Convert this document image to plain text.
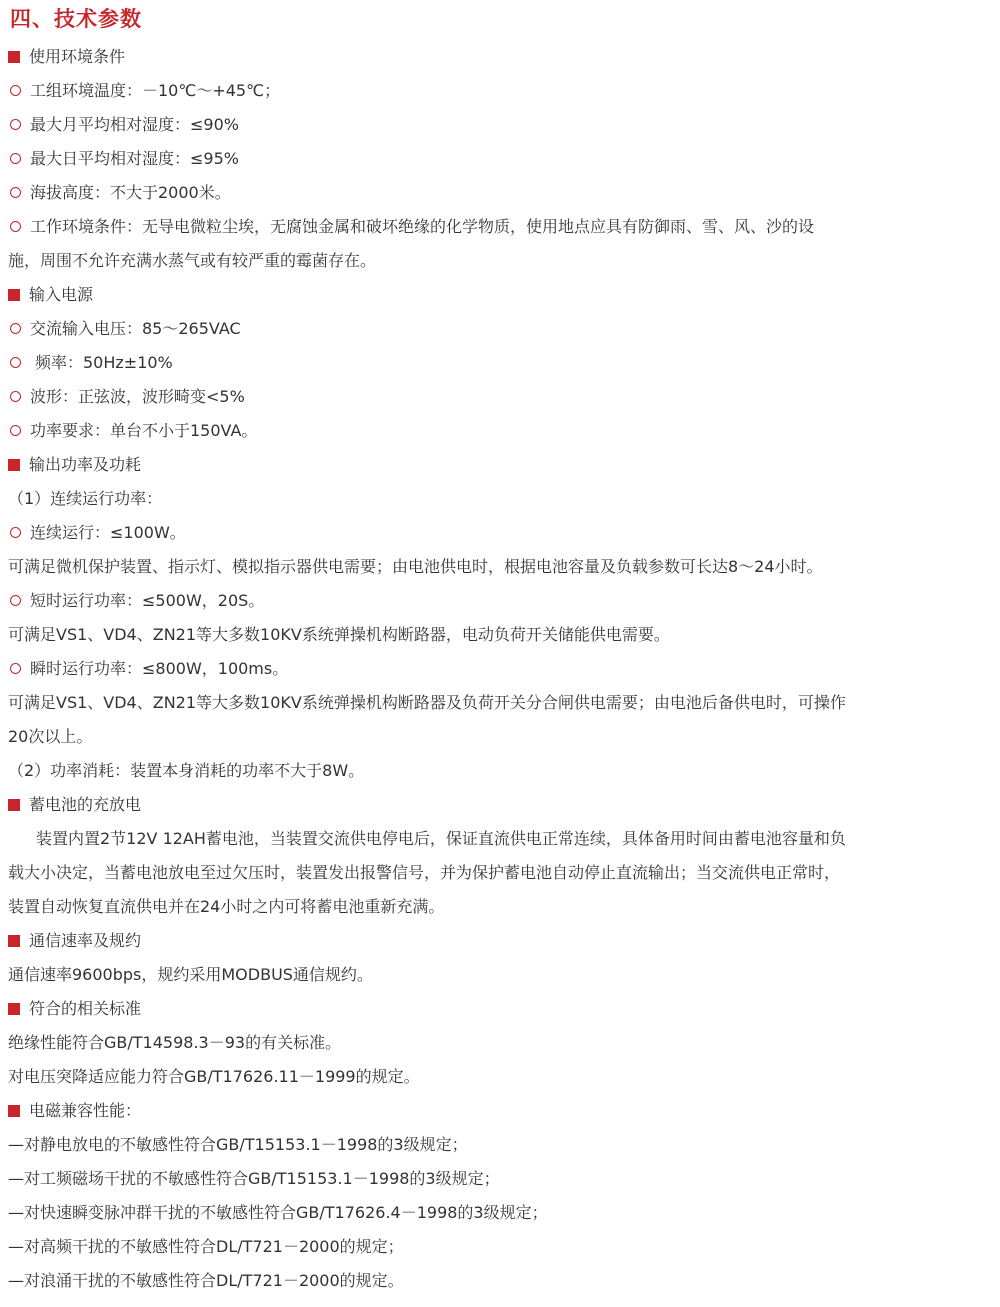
四、技术参数
使用环境条件
工组环境温度：－10℃～+45℃；
最大月平均相对湿度：≤90%
最大日平均相对湿度：≤95%
海拔高度：不大于2000米。
工作环境条件：无导电微粒尘埃，无腐蚀金属和破坏绝缘的化学物质，使用地点应具有防御雨、雪、风、沙的设
施，周围不允许充满水蒸气或有较严重的霉菌存在。
输入电源
交流输入电压：85～265VAC
频率：50Hz±10%
波形：正弦波，波形畸变<5%
功率要求：单台不小于150VA。
输出功率及功耗
（1）连续运行功率：
连续运行：≤100W。
可满足微机保护装置、指示灯、模拟指示器供电需要；由电池供电时，根据电池容量及负载参数可长达8～24小时。
短时运行功率：≤500W，20S。
可满足VS1、VD4、ZN21等大多数10KV系统弹操机构断路器，电动负荷开关储能供电需要。
瞬时运行功率：≤800W，100ms。
可满足VS1、VD4、ZN21等大多数10KV系统弹操机构断路器及负荷开关分合闸供电需要；由电池后备供电时，可操作
20次以上。
（2）功率消耗：装置本身消耗的功率不大于8W。
蓄电池的充放电
装置内置2节12V 12AH蓄电池，当装置交流供电停电后，保证直流供电正常连续，具体备用时间由蓄电池容量和负
载大小决定，当蓄电池放电至过欠压时，装置发出报警信号，并为保护蓄电池自动停止直流输出；当交流供电正常时，
装置自动恢复直流供电并在24小时之内可将蓄电池重新充满。
通信速率及规约
通信速率9600bps，规约采用MODBUS通信规约。
符合的相关标准
绝缘性能符合GB/T14598.3－93的有关标准。
对电压突降适应能力符合GB/T17626.11－1999的规定。
电磁兼容性能：
—对静电放电的不敏感性符合GB/T15153.1－1998的3级规定；
—对工频磁场干扰的不敏感性符合GB/T15153.1－1998的3级规定；
—对快速瞬变脉冲群干扰的不敏感性符合GB/T17626.4－1998的3级规定；
—对高频干扰的不敏感性符合DL/T721－2000的规定；
—对浪涌干扰的不敏感性符合DL/T721－2000的规定。
